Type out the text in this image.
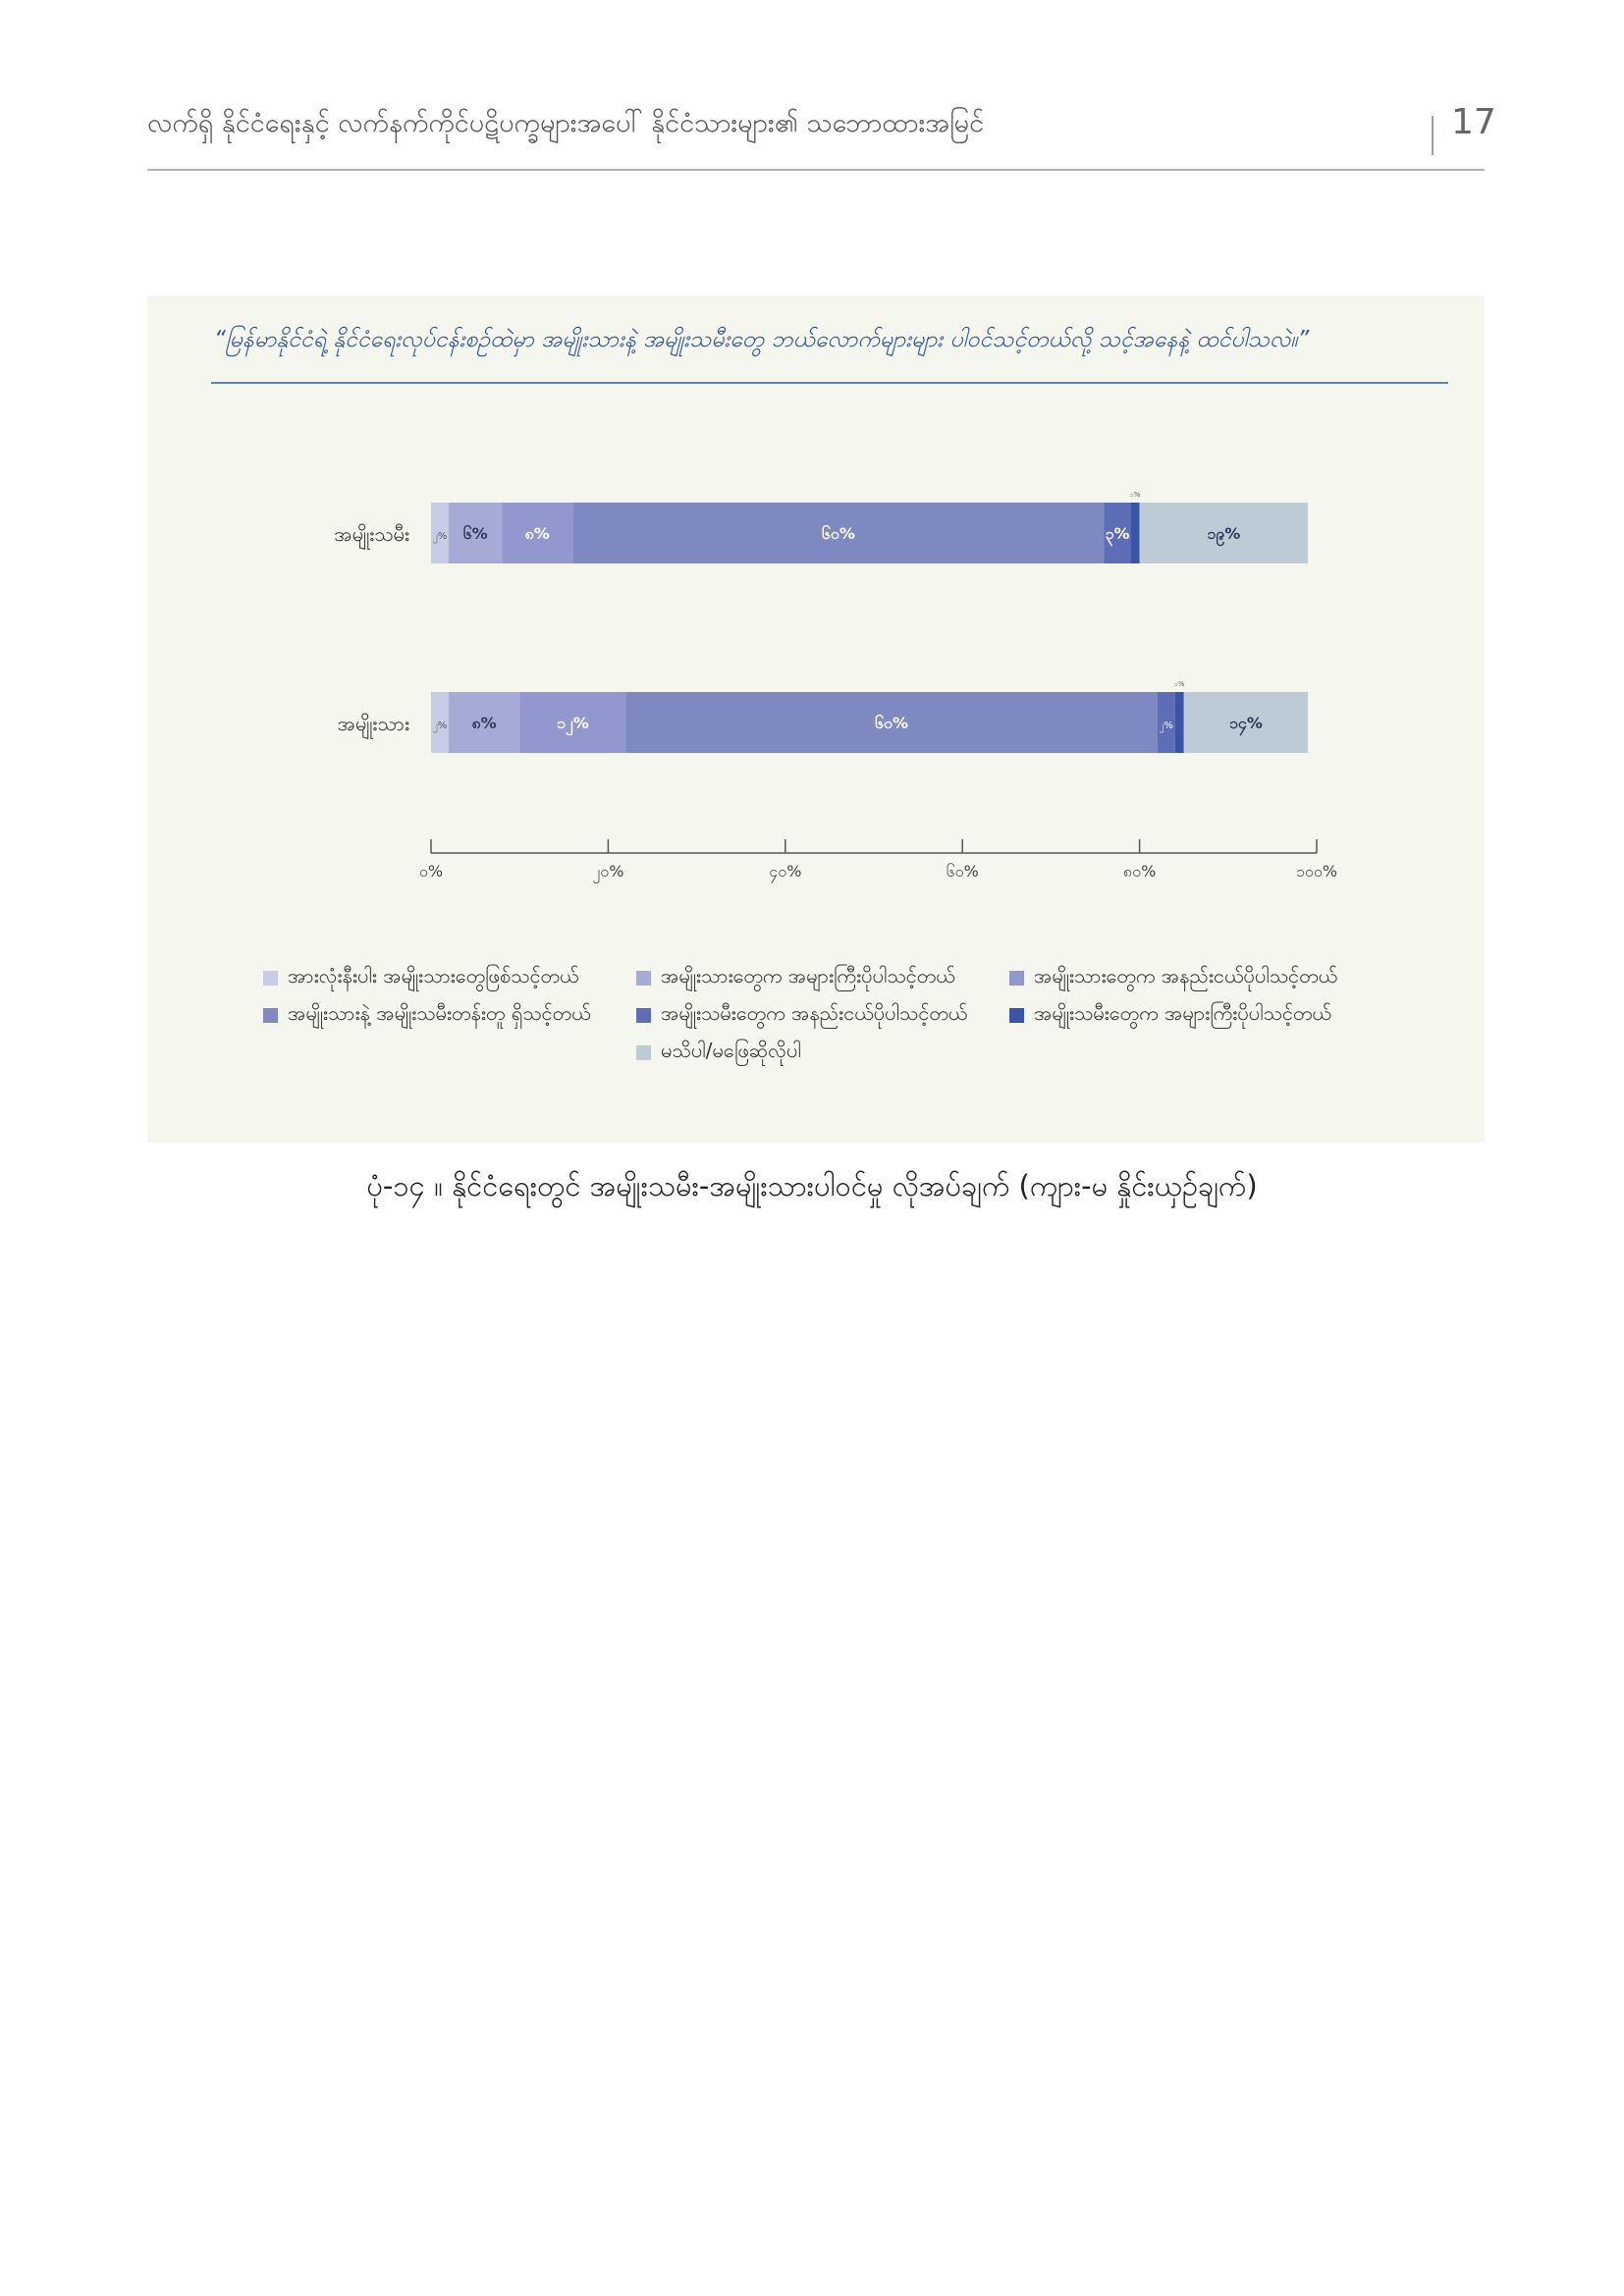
လက်ရှိ နိုင်ငံရေးနှင့် လက်နက်ကိုင်ပဋိပက္ခများအပေါ် နိုင်ငံသားများ၏ သဘောထားအမြင်	17
“မြန်မာနိုင်ငံရဲ့ နိုင်ငံရေးလုပ်ငန်းစဉ်ထဲမှာ အမျိုးသားနဲ့ အမျိုးသမီးတွေ ဘယ်လောက်များများ ပါဝင်သင့်တယ်လို့ သင့်အနေနဲ့ ထင်ပါသလဲ။”
အမျိုးသမီး ၂% ၆% ၈%	၆၀%	၃%
၁%
၁၉%
အမျိုးသား ၂% ၈%	၁၂%	၆၀%	၂%
၁%
၁၄%
၀%	၂၀%	၄၀%	၆၀%	၈၀%	၁၀၀%
အားလုံးနီးပါး အမျိုးသားတွေဖြစ်သင့်တယ်	အမျိုးသားတွေက အများကြီးပိုပါသင့်တယ်	အမျိုးသားတွေက အနည်းငယ်ပိုပါသင့်တယ်
အမျိုးသားနဲ့ အမျိုးသမီးတန်းတူ ရှိသင့်တယ်	အမျိုးသမီးတွေက အနည်းငယ်ပိုပါသင့်တယ်	အမျိုးသမီးတွေက အများကြီးပိုပါသင့်တယ်
မသိပါ/မဖြေဆိုလိုပါ
ပုံ-၁၄ ။ နိုင်ငံရေးတွင် အမျိုးသမီး-အမျိုးသားပါဝင်မှု လိုအပ်ချက် (ကျား-မ နှိုင်းယှဉ်ချက်)
